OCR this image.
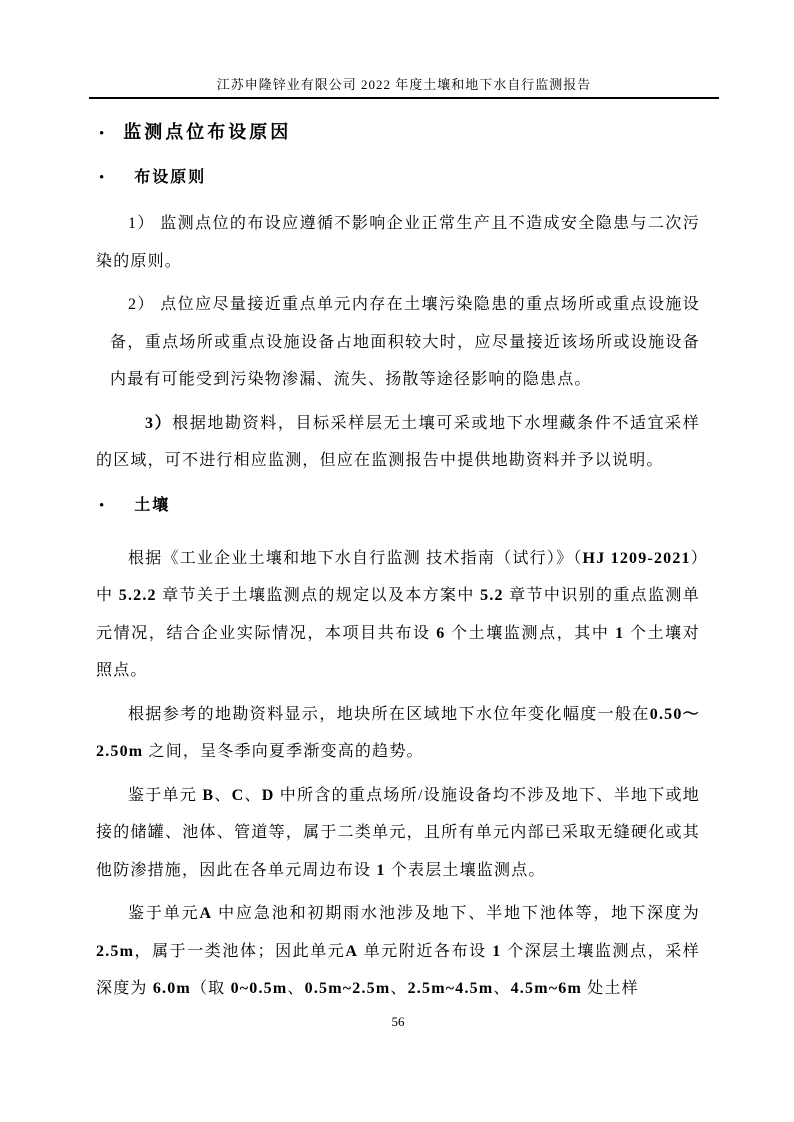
江苏申隆锌业有限公司 2022 年度土壤和地下水自行监测报告
• 监测点位布设原因
• 布设原则
1） 监测点位的布设应遵循不影响企业正常生产且不造成安全隐患与二次污染的原则。
2） 点位应尽量接近重点单元内存在土壤污染隐患的重点场所或重点设施设备，重点场所或重点设施设备占地面积较大时，应尽量接近该场所或设施设备内最有可能受到污染物渗漏、流失、扬散等途径影响的隐患点。
3）根据地勘资料，目标采样层无土壤可采或地下水埋藏条件不适宜采样的区域，可不进行相应监测，但应在监测报告中提供地勘资料并予以说明。
• 土壤
根据《工业企业土壤和地下水自行监测 技术指南（试行）》（HJ 1209-2021）中 5.2.2 章节关于土壤监测点的规定以及本方案中 5.2 章节中识别的重点监测单元情况，结合企业实际情况，本项目共布设 6 个土壤监测点，其中 1 个土壤对照点。
根据参考的地勘资料显示，地块所在区域地下水位年变化幅度一般在0.50～2.50m 之间，呈冬季向夏季渐变高的趋势。
鉴于单元 B、C、D 中所含的重点场所/设施设备均不涉及地下、半地下或地接的储罐、池体、管道等，属于二类单元，且所有单元内部已采取无缝硬化或其他防渗措施，因此在各单元周边布设 1 个表层土壤监测点。
鉴于单元A 中应急池和初期雨水池涉及地下、半地下池体等，地下深度为 2.5m，属于一类池体；因此单元A 单元附近各布设 1 个深层土壤监测点，采样深度为 6.0m（取 0~0.5m、0.5m~2.5m、2.5m~4.5m、4.5m~6m 处土样
56
